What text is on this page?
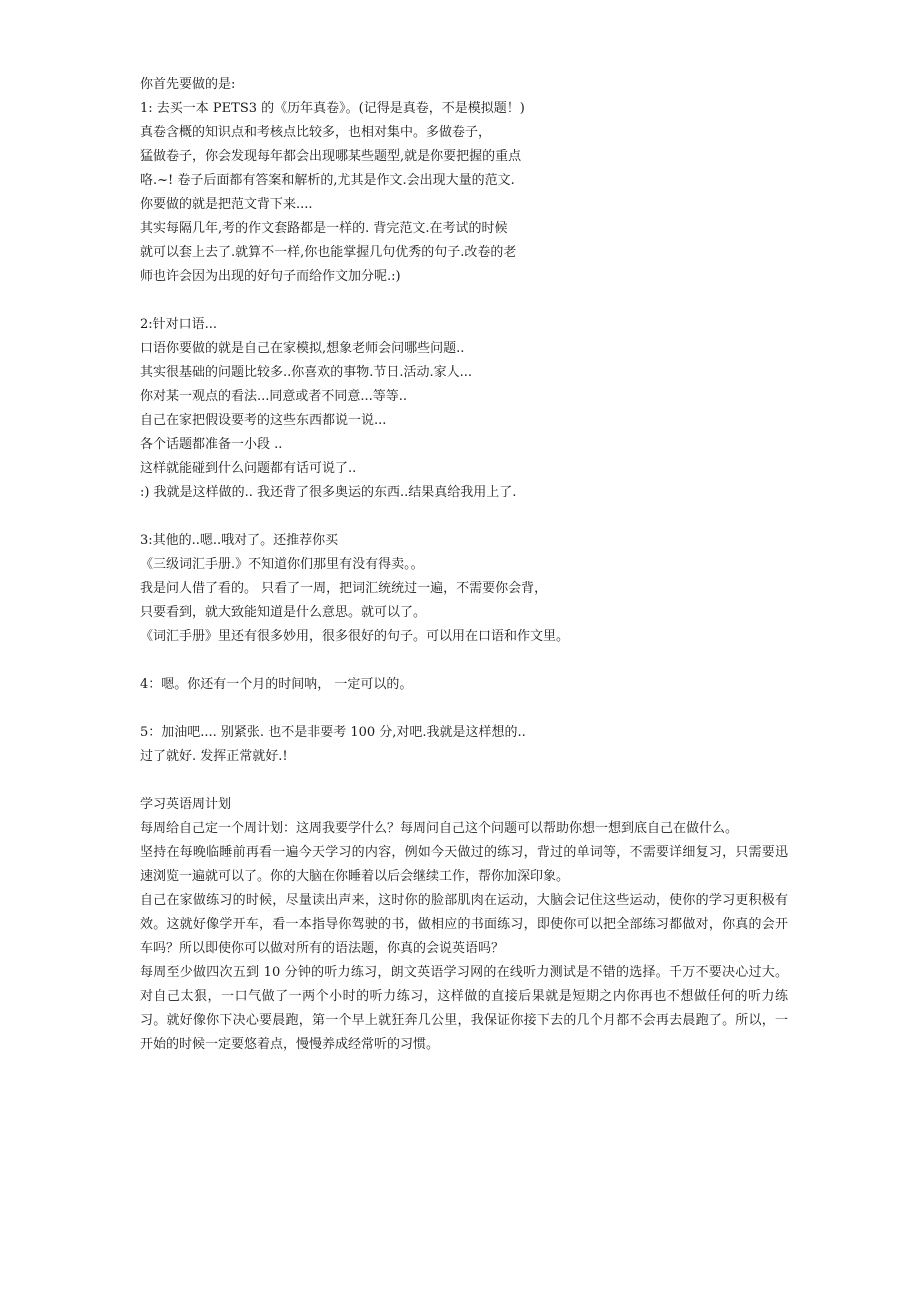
你首先要做的是:
1: 去买一本 PETS3 的《历年真卷》。(记得是真卷，不是模拟题！)
真卷含概的知识点和考核点比较多，也相对集中。多做卷子，
猛做卷子，你会发现每年都会出现哪某些题型,就是你要把握的重点
咯.~! 卷子后面都有答案和解析的,尤其是作文.会出现大量的范文.
你要做的就是把范文背下来....
其实每隔几年,考的作文套路都是一样的. 背完范文.在考试的时候
就可以套上去了.就算不一样,你也能掌握几句优秀的句子.改卷的老
师也许会因为出现的好句子而给作文加分呢.:)
2:针对口语...
口语你要做的就是自己在家模拟,想象老师会问哪些问题..
其实很基础的问题比较多..你喜欢的事物.节日.活动.家人...
你对某一观点的看法...同意或者不同意...等等..
自己在家把假设要考的这些东西都说一说...
各个话题都准备一小段 ..
这样就能碰到什么问题都有话可说了..
:) 我就是这样做的.. 我还背了很多奥运的东西..结果真给我用上了.
3:其他的..嗯..哦对了。还推荐你买
《三级词汇手册.》不知道你们那里有没有得卖。。
我是问人借了看的。 只看了一周，把词汇统统过一遍，不需要你会背，
只要看到，就大致能知道是什么意思。就可以了。
《词汇手册》里还有很多妙用，很多很好的句子。可以用在口语和作文里。
4：嗯。你还有一个月的时间呐， 一定可以的。
5：加油吧.... 别紧张. 也不是非要考 100 分,对吧.我就是这样想的..
过了就好. 发挥正常就好.!
学习英语周计划
每周给自己定一个周计划：这周我要学什么？每周问自己这个问题可以帮助你想一想到底自己在做什么。
坚持在每晚临睡前再看一遍今天学习的内容，例如今天做过的练习，背过的单词等，不需要详细复习，只需要迅速浏览一遍就可以了。你的大脑在你睡着以后会继续工作，帮你加深印象。
自己在家做练习的时候，尽量读出声来，这时你的脸部肌肉在运动，大脑会记住这些运动，使你的学习更积极有效。这就好像学开车，看一本指导你驾驶的书，做相应的书面练习，即使你可以把全部练习都做对，你真的会开车吗？所以即使你可以做对所有的语法题，你真的会说英语吗？
每周至少做四次五到 10 分钟的听力练习，朗文英语学习网的在线听力测试是不错的选择。千万不要决心过大。对自己太狠，一口气做了一两个小时的听力练习，这样做的直接后果就是短期之内你再也不想做任何的听力练习。就好像你下决心要晨跑，第一个早上就狂奔几公里，我保证你接下去的几个月都不会再去晨跑了。所以，一开始的时候一定要悠着点，慢慢养成经常听的习惯。
